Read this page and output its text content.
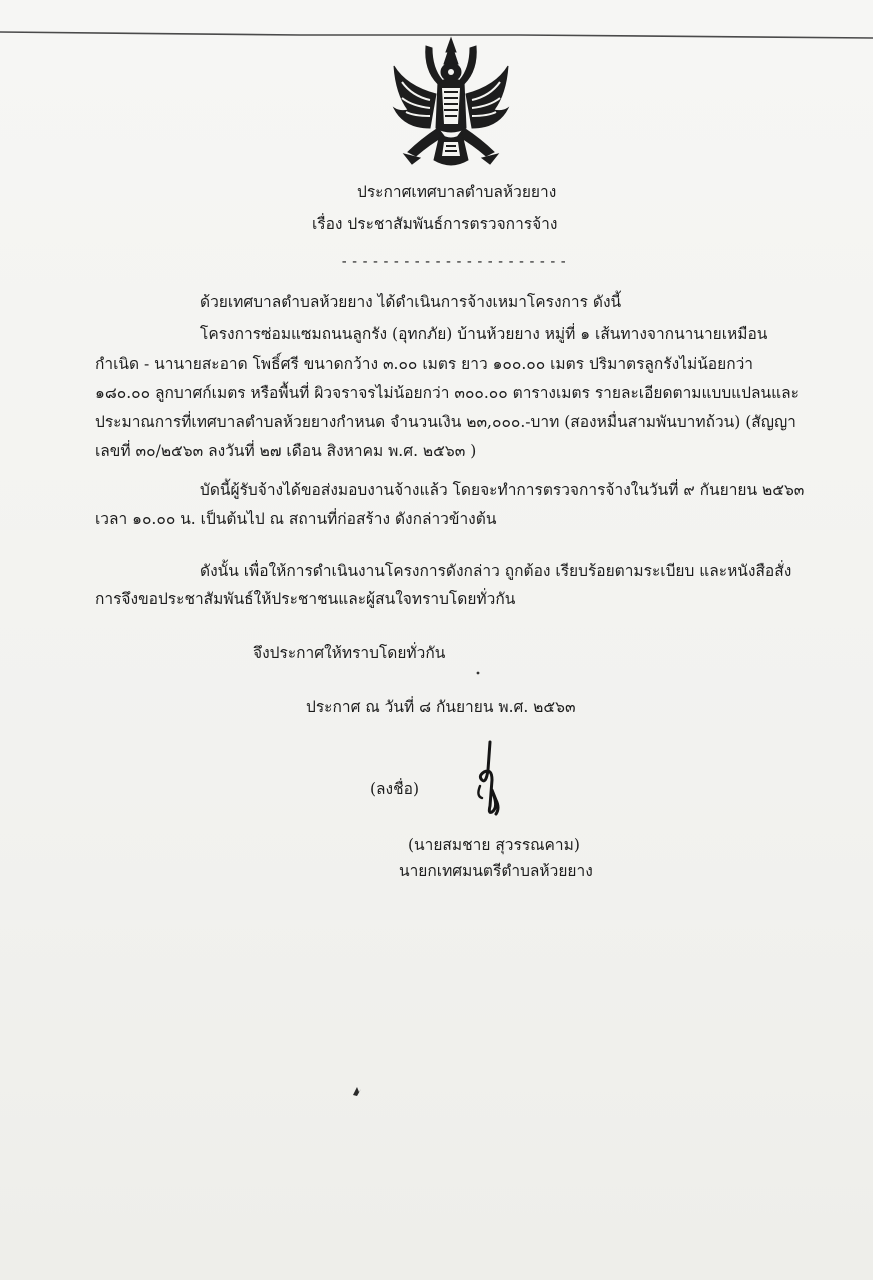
ประกาศเทศบาลตำบลห้วยยาง
เรื่อง ประชาสัมพันธ์การตรวจการจ้าง
----------------------
ด้วยเทศบาลตำบลห้วยยาง ได้ดำเนินการจ้างเหมาโครงการ ดังนี้
โครงการซ่อมแซมถนนลูกรัง (อุทกภัย) บ้านห้วยยาง หมู่ที่ ๑ เส้นทางจากนานายเหมือน
กำเนิด - นานายสะอาด โพธิ์ศรี ขนาดกว้าง ๓.๐๐ เมตร ยาว ๑๐๐.๐๐ เมตร ปริมาตรลูกรังไม่น้อยกว่า
๑๘๐.๐๐ ลูกบาศก์เมตร หรือพื้นที่ ผิวจราจรไม่น้อยกว่า ๓๐๐.๐๐ ตารางเมตร รายละเอียดตามแบบแปลนและ
ประมาณการที่เทศบาลตำบลห้วยยางกำหนด จำนวนเงิน ๒๓,๐๐๐.-บาท (สองหมื่นสามพันบาทถ้วน) (สัญญา
เลขที่ ๓๐/๒๕๖๓ ลงวันที่ ๒๗ เดือน สิงหาคม พ.ศ. ๒๕๖๓ )
บัดนี้ผู้รับจ้างได้ขอส่งมอบงานจ้างแล้ว โดยจะทำการตรวจการจ้างในวันที่ ๙ กันยายน ๒๕๖๓
เวลา ๑๐.๐๐ น. เป็นต้นไป ณ สถานที่ก่อสร้าง ดังกล่าวข้างต้น
ดังนั้น เพื่อให้การดำเนินงานโครงการดังกล่าว ถูกต้อง เรียบร้อยตามระเบียบ และหนังสือสั่ง
การจึงขอประชาสัมพันธ์ให้ประชาชนและผู้สนใจทราบโดยทั่วกัน
จึงประกาศให้ทราบโดยทั่วกัน
ประกาศ ณ วันที่ ๘ กันยายน พ.ศ. ๒๕๖๓
(ลงชื่อ)
(นายสมชาย สุวรรณคาม)
นายกเทศมนตรีตำบลห้วยยาง
